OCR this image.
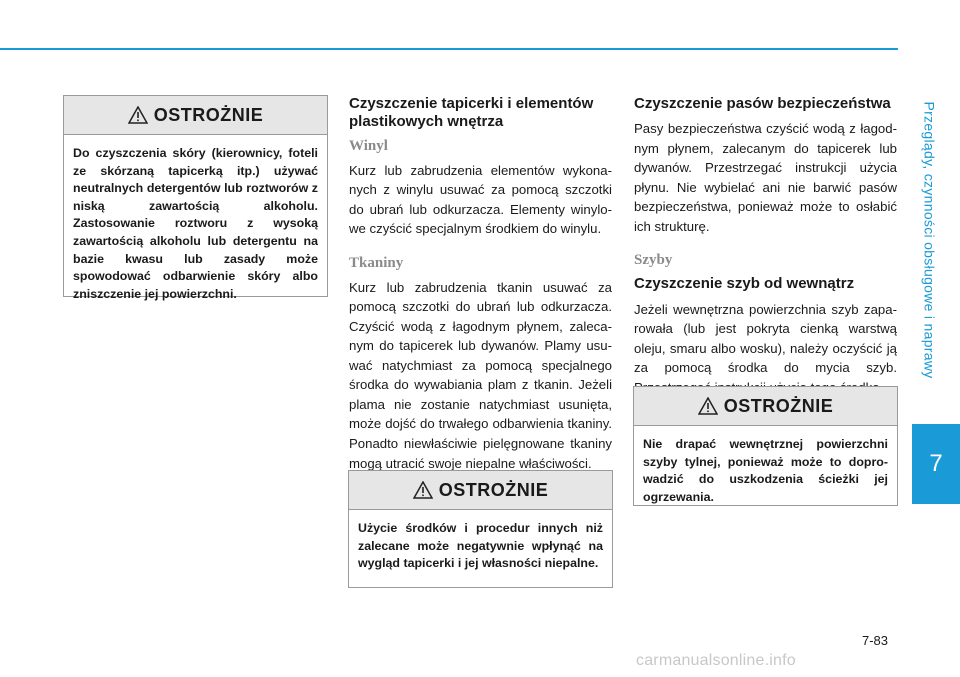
Przeglądy, czynności obsługowe i naprawy
7
OSTROŻNIE
Do czyszczenia skóry (kierownicy, foteli ze skórzaną tapicerką itp.) używać neutralnych detergentów lub roztworów z niską zawartością alkoholu. Zastosowanie roztworu z wysoką zawartością alkoholu lub detergentu na bazie kwasu lub zasady może spowodować odbarwienie skóry albo zniszczenie jej powierzchni.
Czyszczenie tapicerki i elementów plastikowych wnętrza
Winyl
Kurz lub zabrudzenia elementów wykonanych z winylu usuwać za pomocą szczotki do ubrań lub odkurzacza. Elementy winylowe czyścić specjalnym środkiem do winylu.
Tkaniny
Kurz lub zabrudzenia tkanin usuwać za pomocą szczotki do ubrań lub odkurzacza. Czyścić wodą z łagodnym płynem, zalecanym do tapicerek lub dywanów. Plamy usuwać natychmiast za pomocą specjalnego środka do wywabiania plam z tkanin. Jeżeli plama nie zostanie natychmiast usunięta, może dojść do trwałego odbarwienia tkaniny. Ponadto niewłaściwie pielęgnowane tkaniny mogą utracić swoje niepalne właściwości.
OSTROŻNIE
Użycie środków i procedur innych niż zalecane może negatywnie wpłynąć na wygląd tapicerki i jej własności niepalne.
Czyszczenie pasów bezpieczeństwa
Pasy bezpieczeństwa czyścić wodą z łagodnym płynem, zalecanym do tapicerek lub dywanów. Przestrzegać instrukcji użycia płynu. Nie wybielać ani nie barwić pasów bezpieczeństwa, ponieważ może to osłabić ich strukturę.
Szyby
Czyszczenie szyb od wewnątrz
Jeżeli wewnętrzna powierzchnia szyb zaparowała (lub jest pokryta cienką warstwą oleju, smaru albo wosku), należy oczyścić ją za pomocą środka do mycia szyb.
OSTROŻNIE
Nie drapać wewnętrznej powierzchni szyby tylnej, ponieważ może to doprowadzić do uszkodzenia ścieżki jej ogrzewania.
7-83
carmanualsonline.info
